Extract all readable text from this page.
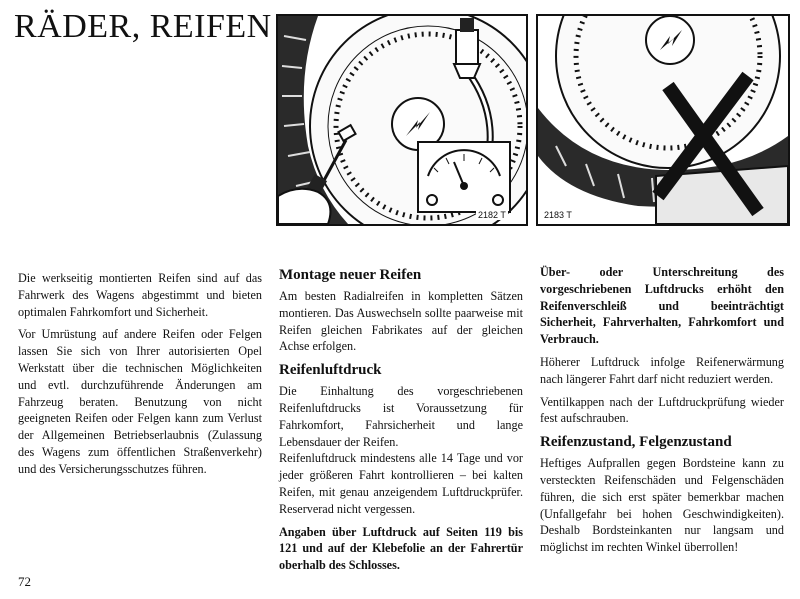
RÄDER, REIFEN
2182 T	2183 T

Die werkseitig montierten Reifen sind auf das Fahrwerk des Wagens abgestimmt und bieten optimalen Fahrkomfort und Sicherheit.

Vor Umrüstung auf andere Reifen oder Felgen lassen Sie sich von Ihrer autorisierten Opel Werkstatt über die technischen Möglichkeiten und evtl. durchzuführende Änderungen am Fahrzeug beraten. Benutzung von nicht geeigneten Reifen oder Felgen kann zum Verlust der Allgemeinen Betriebserlaubnis (Zulassung des Wagens zum öffentlichen Straßenverkehr) und des Versicherungsschutzes führen.

Montage neuer Reifen

Am besten Radialreifen in kompletten Sätzen montieren. Das Auswechseln sollte paarweise mit Reifen gleichen Fabrikates auf der gleichen Achse erfolgen.

Reifenluftdruck

Die Einhaltung des vorgeschriebenen Reifenluftdrucks ist Voraussetzung für Fahrkomfort, Fahrsicherheit und lange Lebensdauer der Reifen.

Reifenluftdruck mindestens alle 14 Tage und vor jeder größeren Fahrt kontrollieren – bei kalten Reifen, mit genau anzeigendem Luftdruckprüfer. Reserverad nicht vergessen.

Angaben über Luftdruck auf Seiten 119 bis 121 und auf der Klebefolie an der Fahrertür oberhalb des Schlosses.

Über- oder Unterschreitung des vorgeschriebenen Luftdrucks erhöht den Reifenverschleiß und beeinträchtigt Sicherheit, Fahrverhalten, Fahrkomfort und Verbrauch.

Höherer Luftdruck infolge Reifenerwärmung nach längerer Fahrt darf nicht reduziert werden.

Ventilkappen nach der Luftdruckprüfung wieder fest aufschrauben.

Reifenzustand, Felgenzustand

Heftiges Aufprallen gegen Bordsteine kann zu versteckten Reifenschäden und Felgenschäden führen, die sich erst später bemerkbar machen (Unfallgefahr bei hohen Geschwindigkeiten). Deshalb Bordsteinkanten nur langsam und möglichst im rechten Winkel überrollen!

72
